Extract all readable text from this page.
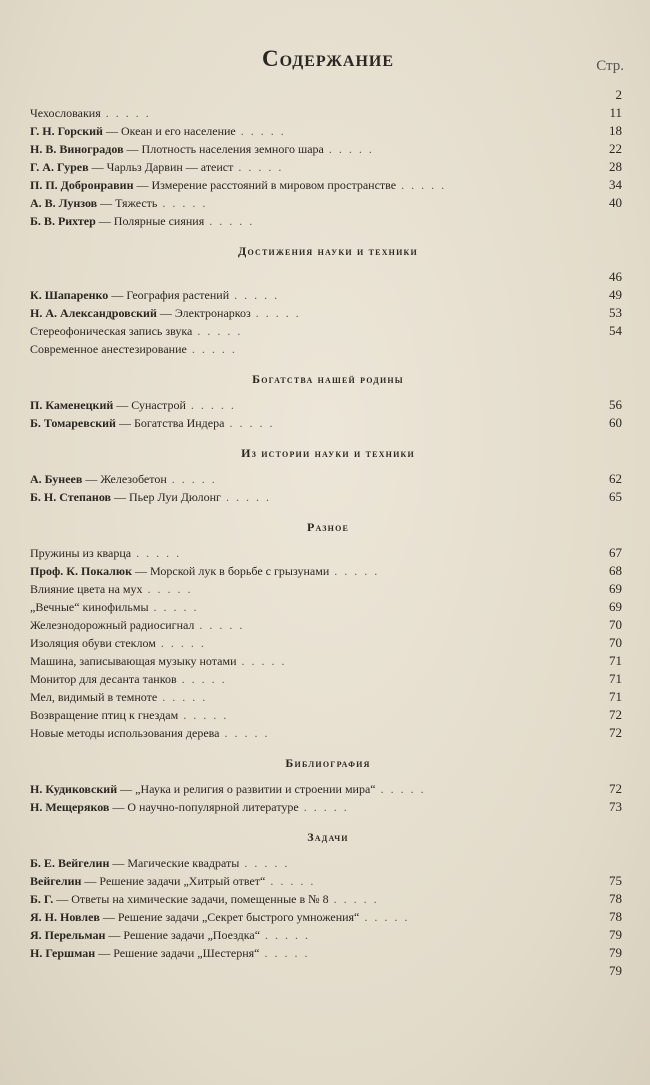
Содержание	Стр.
2
Чехословакия . . . . .	11
Г. Н. Горский — Океан и его население . . . . .	18
Н. В. Виноградов — Плотность населения земного шара . . . . .	22
Г. А. Гурев — Чарльз Дарвин — атеист . . . . .	28
П. П. Добронравин — Измерение расстояний в мировом пространстве . . . . .	34
А. В. Лунзов — Тяжесть . . . . .	40
Б. В. Рихтер — Полярные сияния . . . . .
Достижения науки и техники
46
К. Шапаренко — География растений . . . . .	49
Н. А. Александровский — Электронаркоз . . . . .	53
Стереофоническая запись звука . . . . .	54
Современное анестезирование . . . . .
Богатства нашей родины
П. Каменецкий — Сунастрой . . . . .	56
Б. Томаревский — Богатства Индера . . . . .	60
Из истории науки и техники
А. Бунеев — Железобетон . . . . .	62
Б. Н. Степанов — Пьер Луи Дюлонг . . . . .	65
Разное
Пружины из кварца . . . . .	67
Проф. К. Покалюк — Морской лук в борьбе с грызунами . . . . .	68
Влияние цвета на мух . . . . .	69
„Вечные“ кинофильмы . . . . .	69
Железнодорожный радиосигнал . . . . .	70
Изоляция обуви стеклом . . . . .	70
Машина, записывающая музыку нотами . . . . .	71
Монитор для десанта танков . . . . .	71
Мел, видимый в темноте . . . . .	71
Возвращение птиц к гнездам . . . . .	72
Новые методы использования дерева . . . . .	72
Библиография
Н. Кудиковский — „Наука и религия о развитии и строении мира“ . . . . .	72
Н. Мещеряков — О научно-популярной литературе . . . . .	73
Задачи
Б. Е. Вейгелин — Магические квадраты . . . . .
Вейгелин — Решение задачи „Хитрый ответ“ . . . . .	75
Б. Г. — Ответы на химические задачи, помещенные в № 8 . . . . .	78
Я. Н. Новлев — Решение задачи „Секрет быстрого умножения“ . . . . .	78
Я. Перельман — Решение задачи „Поездка“ . . . . .	79
Н. Гершман — Решение задачи „Шестерня“ . . . . .	79
79
